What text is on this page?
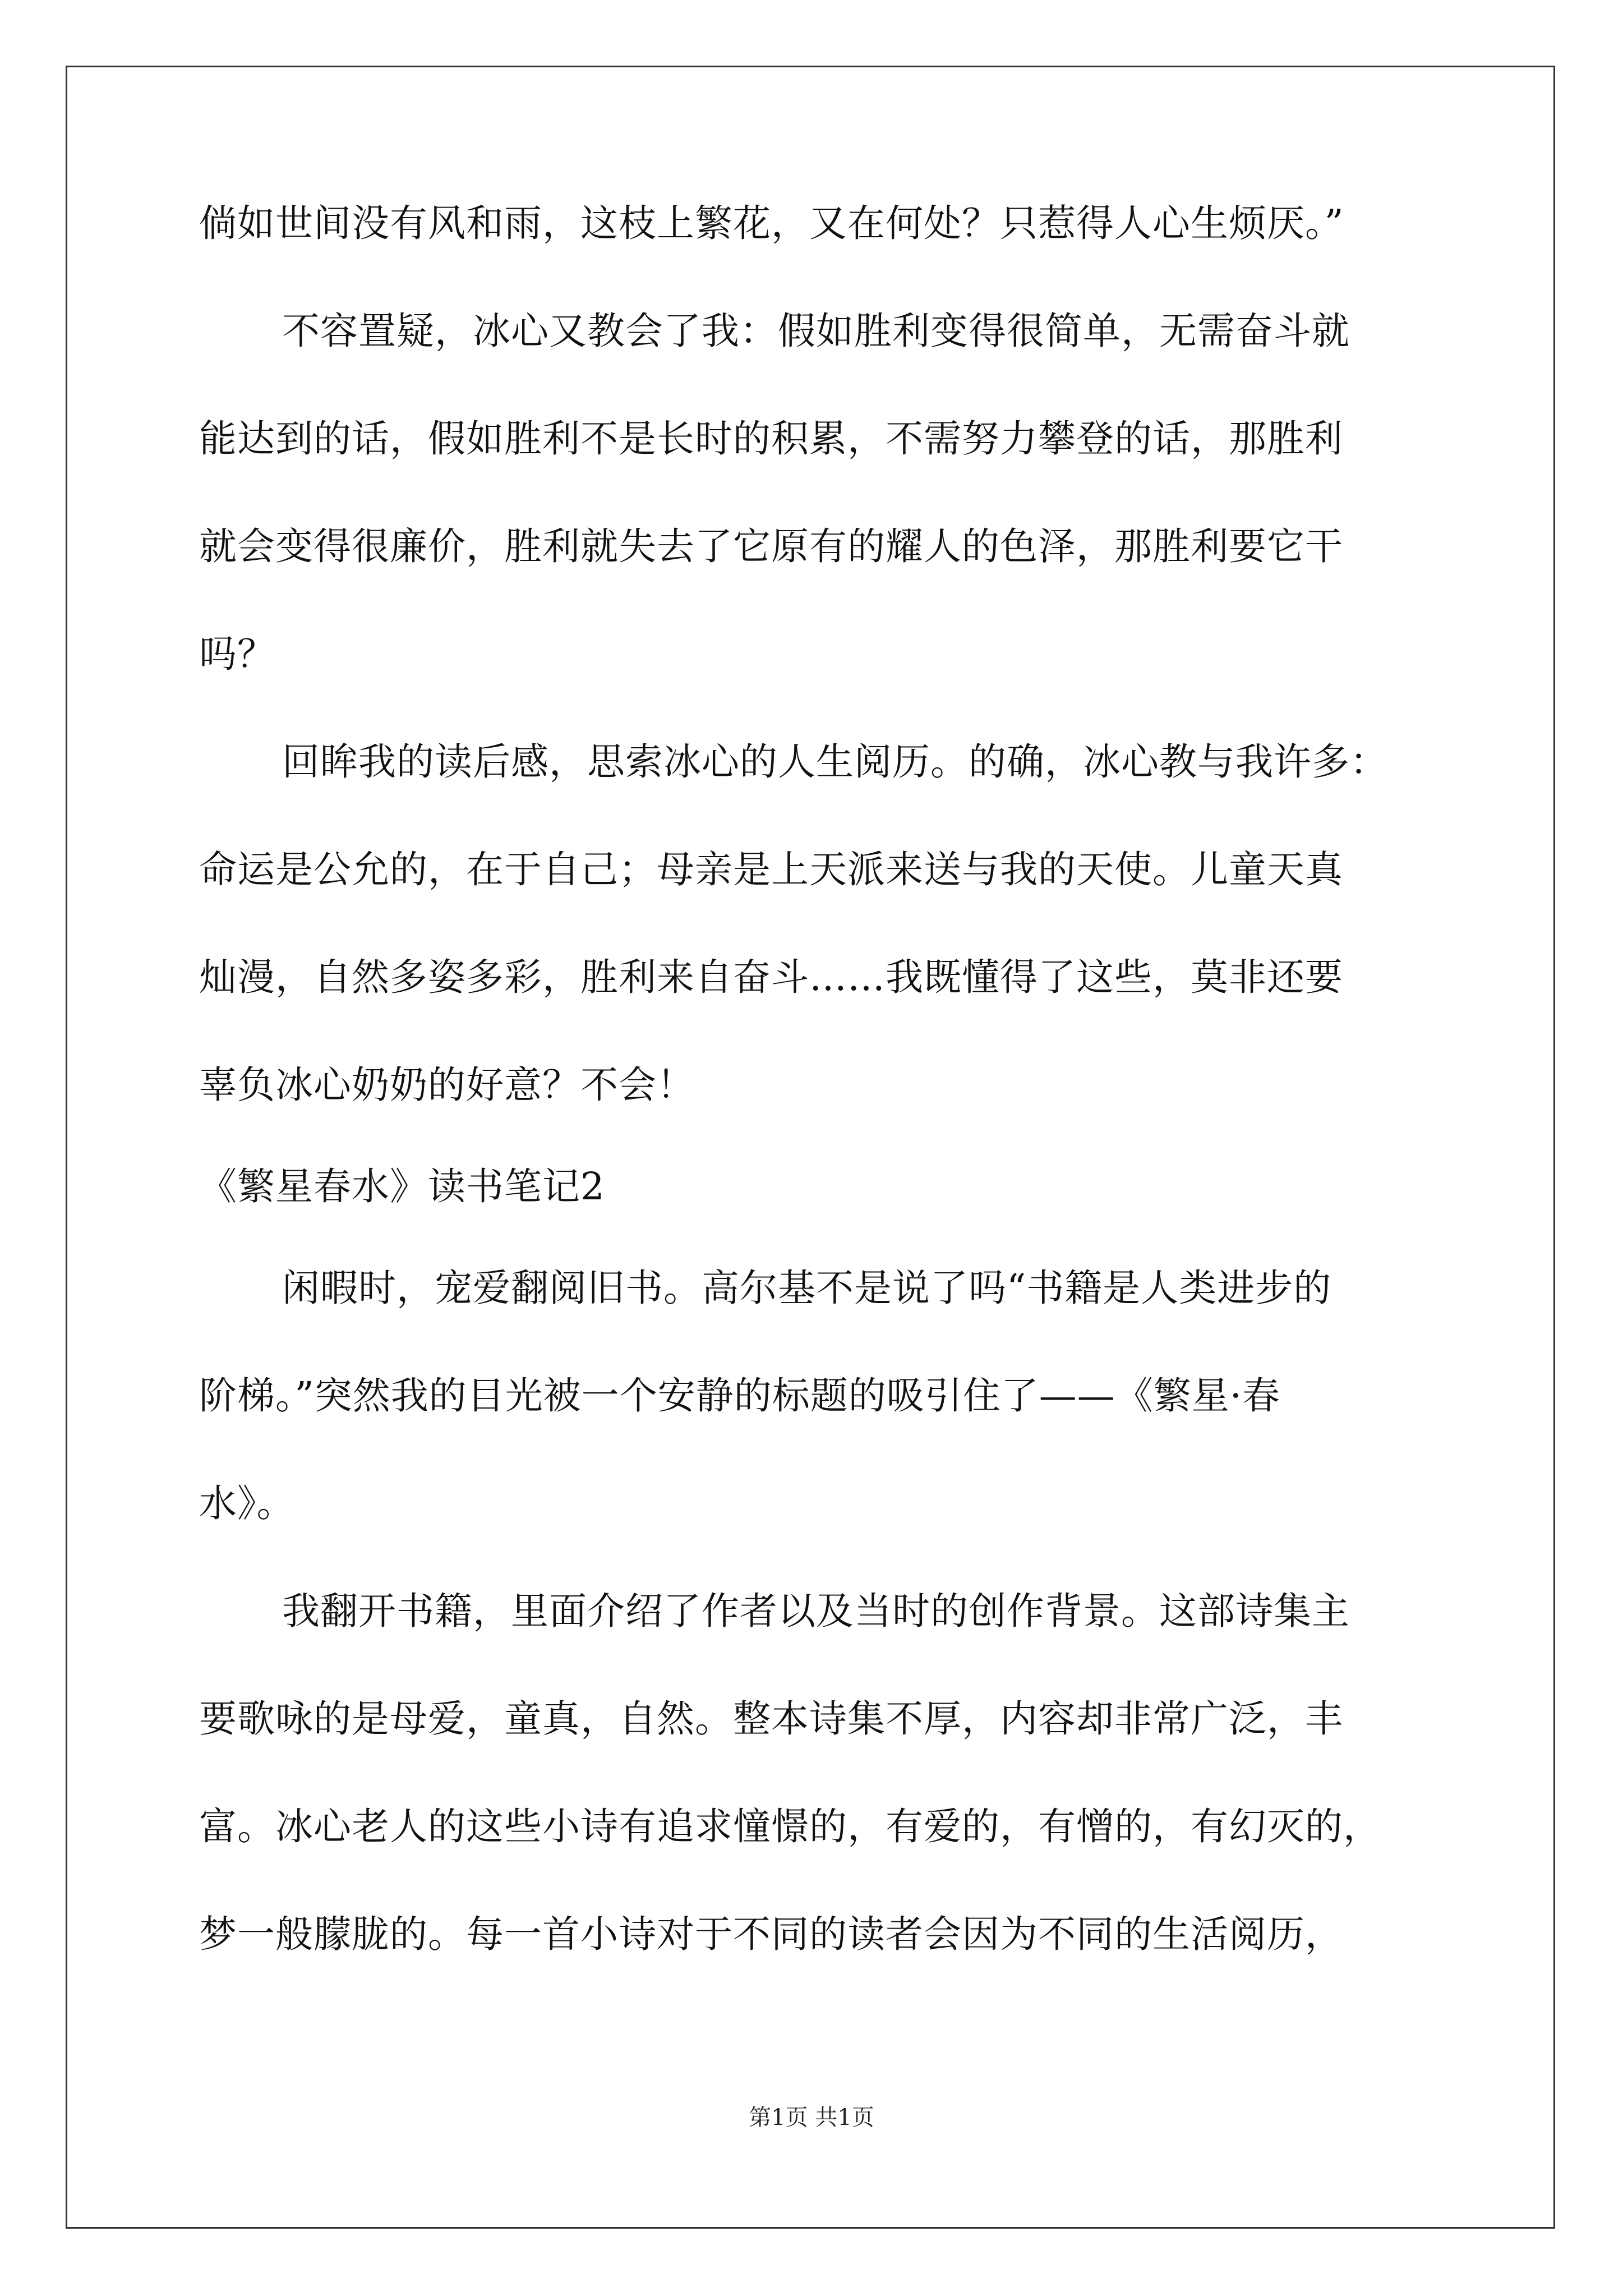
倘如世间没有风和雨，这枝上繁花，又在何处？只惹得人心生烦厌。”
不容置疑，冰心又教会了我：假如胜利变得很简单，无需奋斗就
能达到的话，假如胜利不是长时的积累，不需努力攀登的话，那胜利
就会变得很廉价，胜利就失去了它原有的耀人的色泽，那胜利要它干
吗？
回眸我的读后感，思索冰心的人生阅历。的确，冰心教与我许多：
命运是公允的，在于自己；母亲是上天派来送与我的天使。儿童天真
灿漫，自然多姿多彩，胜利来自奋斗……我既懂得了这些，莫非还要
辜负冰心奶奶的好意？不会！
《繁星春水》读书笔记2
闲暇时，宠爱翻阅旧书。高尔基不是说了吗“书籍是人类进步的
阶梯。”突然我的目光被一个安静的标题的吸引住了——《繁星·春
水》。
我翻开书籍，里面介绍了作者以及当时的创作背景。这部诗集主
要歌咏的是母爱，童真，自然。整本诗集不厚，内容却非常广泛，丰
富。冰心老人的这些小诗有追求憧憬的，有爱的，有憎的，有幻灭的，
梦一般朦胧的。每一首小诗对于不同的读者会因为不同的生活阅历，
第1页 共1页
